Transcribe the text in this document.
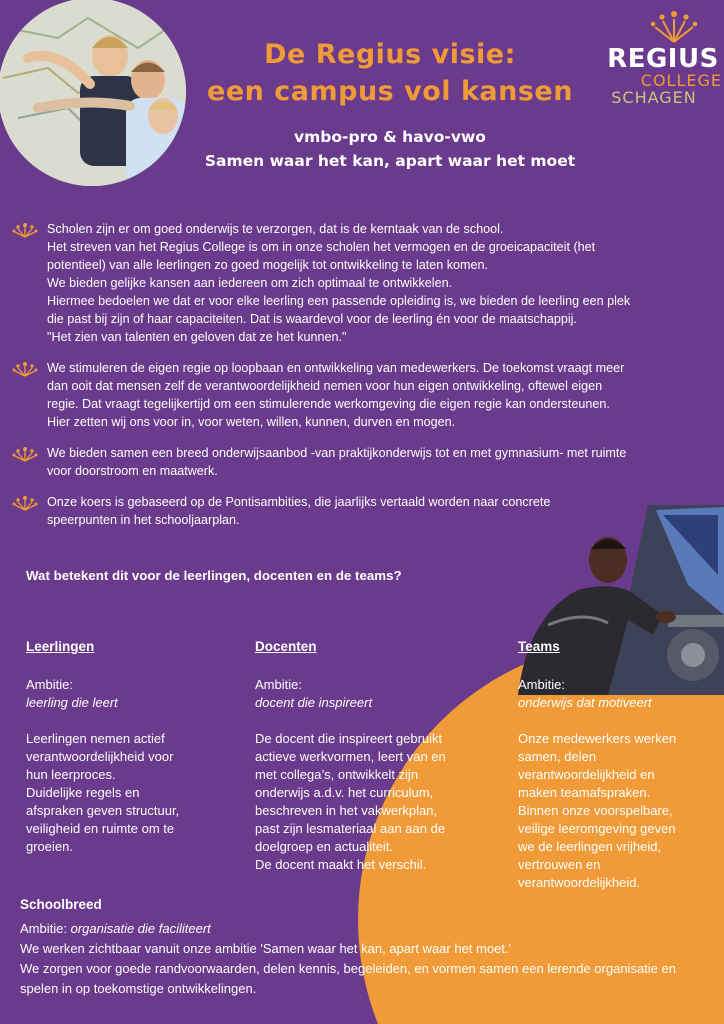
REGIUS
COLLEGE
SCHAGEN
De Regius visie:
een campus vol kansen
vmbo-pro & havo-vwo
Samen waar het kan, apart waar het moet
Scholen zijn er om goed onderwijs te verzorgen, dat is de kerntaak van de school.
Het streven van het Regius College is om in onze scholen het vermogen en de groeicapaciteit (het
potentieel) van alle leerlingen zo goed mogelijk tot ontwikkeling te laten komen.
We bieden gelijke kansen aan iedereen om zich optimaal te ontwikkelen.
Hiermee bedoelen we dat er voor elke leerling een passende opleiding is, we bieden de leerling een plek
die past bij zijn of haar capaciteiten. Dat is waardevol voor de leerling én voor de maatschappij.
"Het zien van talenten en geloven dat ze het kunnen."
We stimuleren de eigen regie op loopbaan en ontwikkeling van medewerkers. De toekomst vraagt meer
dan ooit dat mensen zelf de verantwoordelijkheid nemen voor hun eigen ontwikkeling, oftewel eigen
regie. Dat vraagt tegelijkertijd om een stimulerende werkomgeving die eigen regie kan ondersteunen.
Hier zetten wij ons voor in, voor weten, willen, kunnen, durven en mogen.
We bieden samen een breed onderwijsaanbod -van praktijkonderwijs tot en met gymnasium- met ruimte
voor doorstroom en maatwerk.
Onze koers is gebaseerd op de Pontisambities, die jaarlijks vertaald worden naar concrete
speerpunten in het schooljaarplan.
Wat betekent dit voor de leerlingen, docenten en de teams?
Leerlingen
Ambitie:
leerling die leert
Leerlingen nemen actief
verantwoordelijkheid voor
hun leerproces.
Duidelijke regels en
afspraken geven structuur,
veiligheid en ruimte om te
groeien.
Docenten
Ambitie:
docent die inspireert
De docent die inspireert gebruikt
actieve werkvormen, leert van en
met collega’s, ontwikkelt zijn
onderwijs a.d.v. het curriculum,
beschreven in het vakwerkplan,
past zijn lesmateriaal aan aan de
doelgroep en actualiteit.
De docent maakt het verschil.
Teams
Ambitie:
onderwijs dat motiveert
Onze medewerkers werken
samen, delen
verantwoordelijkheid en
maken teamafspraken.
Binnen onze voorspelbare,
veilige leeromgeving geven
we de leerlingen vrijheid,
vertrouwen en
verantwoordelijkheid.
Schoolbreed
Ambitie: organisatie die faciliteert
We werken zichtbaar vanuit onze ambitie 'Samen waar het kan, apart waar het moet.'
We zorgen voor goede randvoorwaarden, delen kennis, begeleiden, en vormen samen een lerende organisatie en
spelen in op toekomstige ontwikkelingen.
